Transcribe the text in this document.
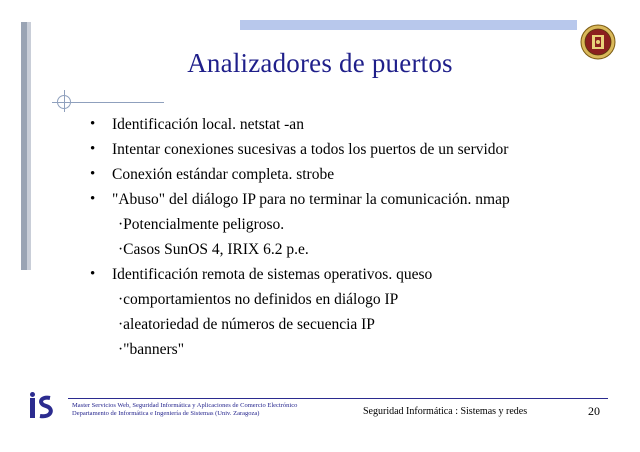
Analizadores de puertos
• Identificación local. netstat -an
• Intentar conexiones sucesivas a todos los puertos de un servidor
• Conexión estándar completa. strobe
• "Abuso" del diálogo IP para no terminar la comunicación. nmap
·Potencialmente peligroso.
·Casos SunOS 4, IRIX 6.2 p.e.
• Identificación remota de sistemas operativos. queso
·comportamientos no definidos en diálogo IP
·aleatoriedad de números de secuencia IP
·"banners"
Master Servicios Web, Seguridad Informática y Aplicaciones de Comercio Electrónico
Departamento de Informática e Ingeniería de Sistemas (Univ. Zaragoza)	Seguridad Informática : Sistemas y redes	20
